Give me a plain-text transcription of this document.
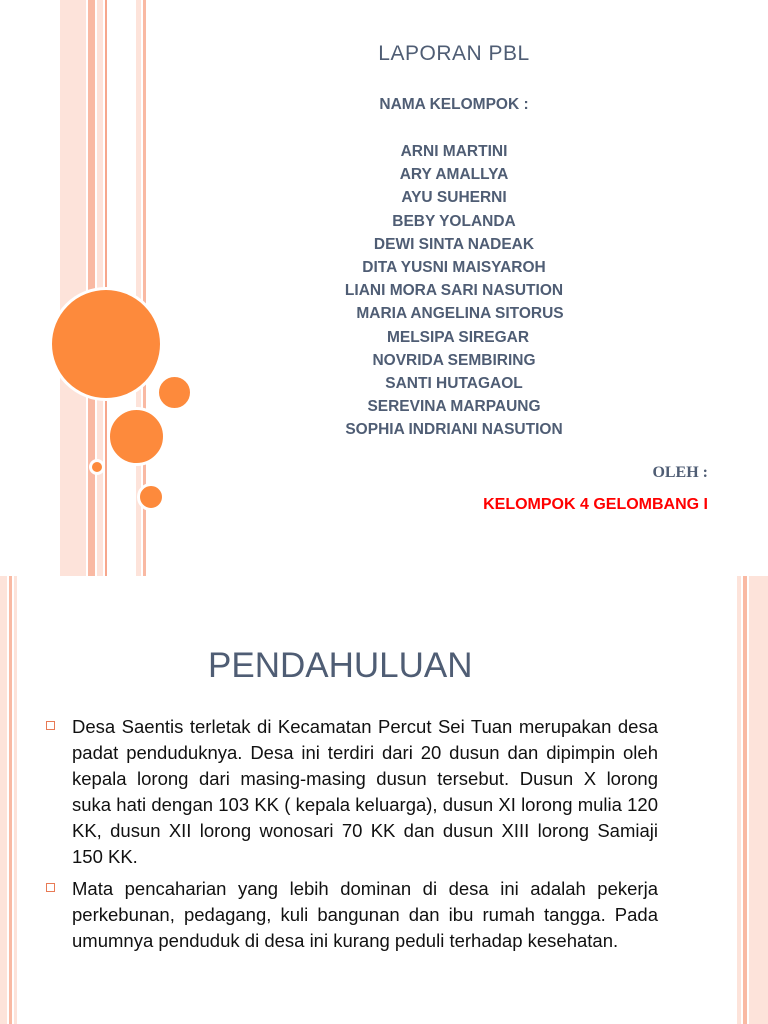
LAPORAN PBL
NAMA KELOMPOK :
ARNI MARTINI
ARY AMALLYA
AYU SUHERNI
BEBY YOLANDA
DEWI SINTA NADEAK
DITA YUSNI MAISYAROH
LIANI MORA SARI NASUTION
MARIA ANGELINA SITORUS
MELSIPA SIREGAR
NOVRIDA SEMBIRING
SANTI HUTAGAOL
SEREVINA MARPAUNG
SOPHIA INDRIANI NASUTION
OLEH :
KELOMPOK 4 GELOMBANG I
PENDAHULUAN
Desa Saentis terletak di Kecamatan Percut Sei Tuan merupakan desa padat penduduknya. Desa ini terdiri dari 20 dusun dan dipimpin oleh kepala lorong dari masing-masing dusun tersebut. Dusun X lorong suka hati dengan 103 KK ( kepala keluarga), dusun XI lorong mulia 120 KK, dusun XII lorong wonosari 70 KK dan dusun XIII lorong Samiaji 150 KK.
Mata pencaharian yang lebih dominan di desa ini adalah pekerja perkebunan, pedagang, kuli bangunan dan ibu rumah tangga. Pada umumnya penduduk di desa ini kurang peduli terhadap kesehatan.
